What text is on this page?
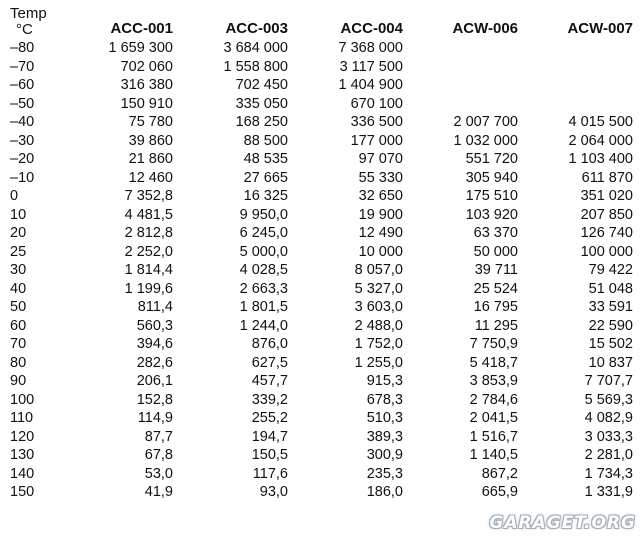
Temp
°C	ACC-001	ACC-003	ACC-004	ACW-006	ACW-007
–80	1 659 300	3 684 000	7 368 000		
–70	702 060	1 558 800	3 117 500		
–60	316 380	702 450	1 404 900		
–50	150 910	335 050	670 100		
–40	75 780	168 250	336 500	2 007 700	4 015 500
–30	39 860	88 500	177 000	1 032 000	2 064 000
–20	21 860	48 535	97 070	551 720	1 103 400
–10	12 460	27 665	55 330	305 940	611 870
0	7 352,8	16 325	32 650	175 510	351 020
10	4 481,5	9 950,0	19 900	103 920	207 850
20	2 812,8	6 245,0	12 490	63 370	126 740
25	2 252,0	5 000,0	10 000	50 000	100 000
30	1 814,4	4 028,5	8 057,0	39 711	79 422
40	1 199,6	2 663,3	5 327,0	25 524	51 048
50	811,4	1 801,5	3 603,0	16 795	33 591
60	560,3	1 244,0	2 488,0	11 295	22 590
70	394,6	876,0	1 752,0	7 750,9	15 502
80	282,6	627,5	1 255,0	5 418,7	10 837
90	206,1	457,7	915,3	3 853,9	7 707,7
100	152,8	339,2	678,3	2 784,6	5 569,3
110	114,9	255,2	510,3	2 041,5	4 082,9
120	87,7	194,7	389,3	1 516,7	3 033,3
130	67,8	150,5	300,9	1 140,5	2 281,0
140	53,0	117,6	235,3	867,2	1 734,3
150	41,9	93,0	186,0	665,9	1 331,9
GARAGET.ORG
